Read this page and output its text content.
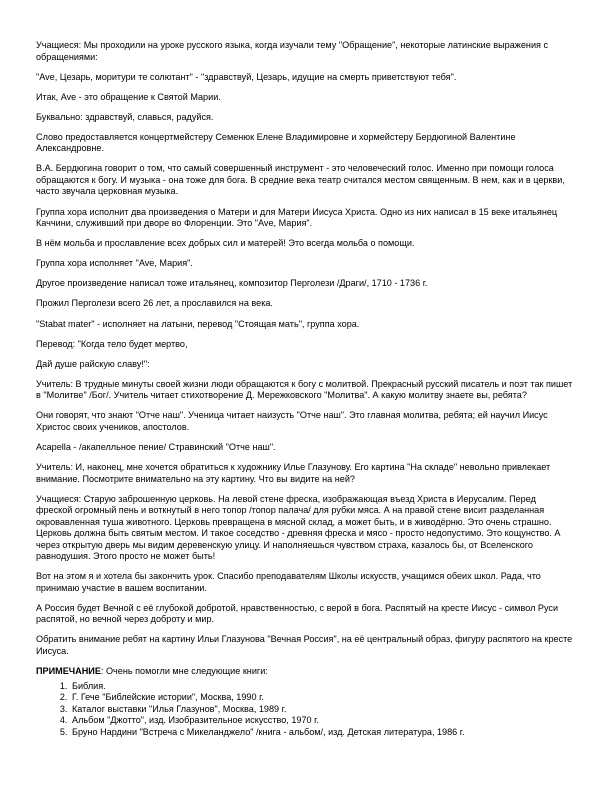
Учащиеся: Мы проходили на уроке русского языка, когда изучали тему "Обращение", некоторые латинские выражения с обращениями:

"Ave, Цезарь, моритури те солютант" - "здравствуй, Цезарь, идущие на смерть приветствуют тебя".

Итак, Ave - это обращение к Святой Марии.

Буквально: здравствуй, славься, радуйся.

Слово предоставляется концертмейстеру Семенюк Елене Владимировне и хормейстеру Бердюгиной Валентине Александровне.

В.А. Бердюгина говорит о том, что самый совершенный инструмент - это человеческий голос. Именно при помощи голоса обращаются к богу. И музыка - она тоже для бога. В средние века театр считался местом священным. В нем, как и в церкви, часто звучала церковная музыка.

Группа хора исполнит два произведения о Матери и для Матери Иисуса Христа. Одно из них написал в 15 веке итальянец Каччини, служивший при дворе во Флоренции. Это "Ave, Мария".

В нём мольба и прославление всех добрых сил и матерей! Это всегда мольба о помощи.

Группа хора исполняет "Ave, Мария".

Другое произведение написал тоже итальянец, композитор Перголези /Драги/, 1710 - 1736 г.

Прожил Перголези всего 26 лет, а прославился на века.

"Stabat mater" - исполняет на латыни, перевод "Стоящая мать", группа хора.

Перевод: "Когда тело будет мертво,

Дай душе райскую славу!":

Учитель: В трудные минуты своей жизни люди обращаются к богу с молитвой. Прекрасный русский писатель и поэт так пишет в "Молитве" /Бог/. Учитель читает стихотворение Д. Мережковского "Молитва". А какую молитву знаете вы, ребята?

Они говорят, что знают "Отче наш". Ученица читает наизусть "Отче наш". Это главная молитва, ребята; ей научил Иисус Христос своих учеников, апостолов.

Acapella - /акапелльное пение/ Стравинский "Отче наш".

Учитель: И, наконец, мне хочется обратиться к художнику Илье Глазунову. Его картина "На складе" невольно привлекает внимание. Посмотрите внимательно на эту картину. Что вы видите на ней?

Учащиеся: Старую заброшенную церковь. На левой стене фреска, изображающая въезд Христа в Иерусалим. Перед фреской огромный пень и воткнутый в него топор /топор палача/ для рубки мяса. А на правой стене висит разделанная окровавленная туша животного. Церковь превращена в мясной склад, а может быть, и в живодёрню. Это очень страшно. Церковь должна быть святым местом. И такое соседство - древняя фреска и мясо - просто недопустимо. Это кощунство. А через открытую дверь мы видим деревенскую улицу. И наполняешься чувством страха, казалось бы, от Вселенского равнодушия. Этого просто не может быть!

Вот на этом я и хотела бы закончить урок. Спасибо преподавателям Школы искусств, учащимся обеих школ. Рада, что принимаю участие в вашем воспитании.

А Россия будет Вечной с её глубокой добротой, нравственностью, с верой в бога. Распятый на кресте Иисус - символ Руси распятой, но вечной через доброту и мир.

Обратить внимание ребят на картину Ильи Глазунова "Вечная Россия", на её центральный образ, фигуру распятого на кресте Иисуса.

ПРИМЕЧАНИЕ: Очень помогли мне следующие книги:

1. Библия.
2. Г. Гече "Библейские истории", Москва, 1990 г.
3. Каталог выставки "Илья Глазунов", Москва, 1989 г.
4. Альбом "Джотто", изд. Изобразительное искусство, 1970 г.
5. Бруно Нардини "Встреча с Микеланджело" /книга - альбом/, изд. Детская литература, 1986 г.
